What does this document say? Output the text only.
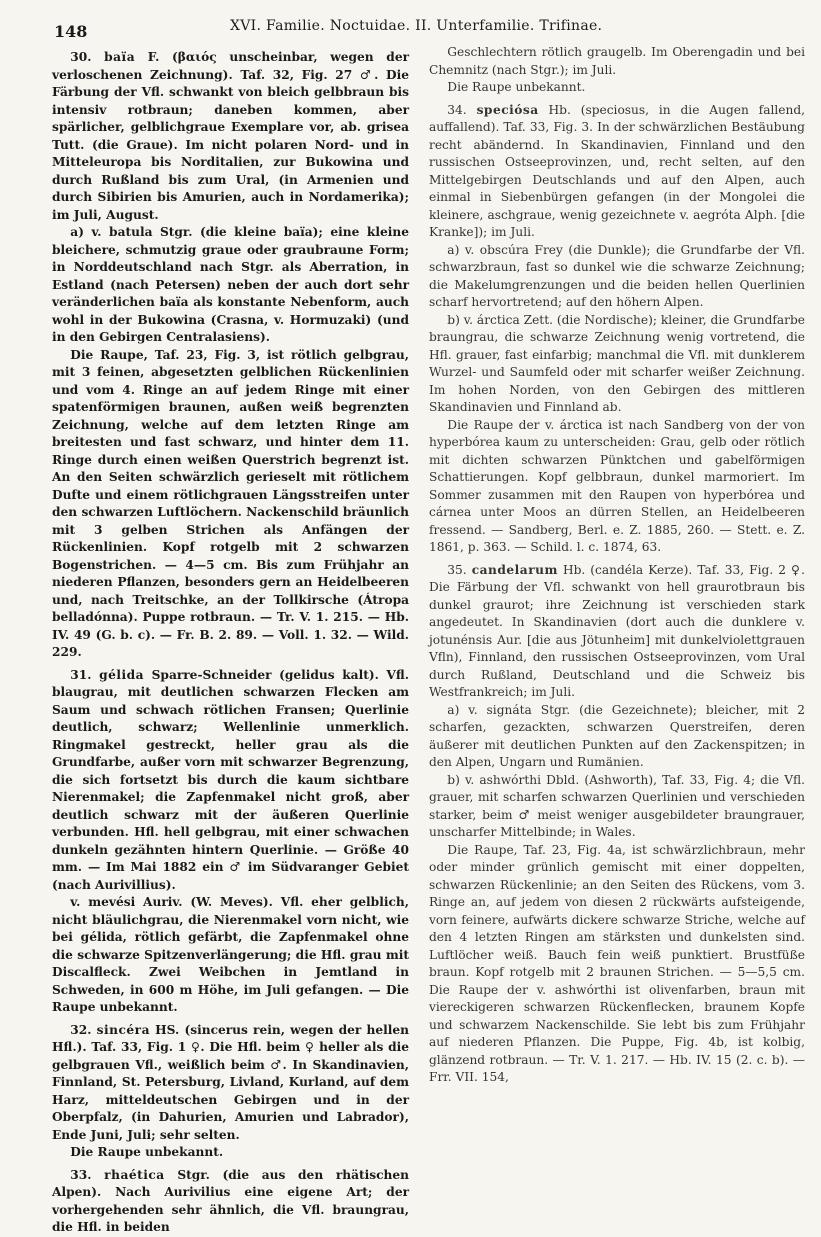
148	XVI. Familie. Noctuidae. II. Unterfamilie. Trifinae.

30. baïa F. (βαιός unscheinbar, wegen der verloschenen Zeichnung). Taf. 32, Fig. 27 ♂. Die Färbung der Vfl. schwankt von bleich gelbbraun bis intensiv rotbraun; daneben kommen, aber spärlicher, gelblichgraue Exemplare vor, ab. grisea Tutt. (die Graue). Im nicht polaren Nord- und in Mitteleuropa bis Norditalien, zur Bukowina und durch Rußland bis zum Ural, (in Armenien und durch Sibirien bis Amurien, auch in Nordamerika); im Juli, August.

a) v. batula Stgr. (die kleine baïa); eine kleine bleichere, schmutzig graue oder graubraune Form; in Norddeutschland nach Stgr. als Aberration, in Estland (nach Petersen) neben der auch dort sehr veränderlichen baïa als konstante Nebenform, auch wohl in der Bukowina (Crasna, v. Hormuzaki) (und in den Gebirgen Centralasiens).

Die Raupe, Taf. 23, Fig. 3, ist rötlich gelbgrau, mit 3 feinen, abgesetzten gelblichen Rückenlinien und vom 4. Ringe an auf jedem Ringe mit einer spatenförmigen braunen, außen weiß begrenzten Zeichnung, welche auf dem letzten Ringe am breitesten und fast schwarz, und hinter dem 11. Ringe durch einen weißen Querstrich begrenzt ist. An den Seiten schwärzlich gerieselt mit rötlichem Dufte und einem rötlichgrauen Längsstreifen unter den schwarzen Luftlöchern. Nackenschild bräunlich mit 3 gelben Strichen als Anfängen der Rückenlinien. Kopf rotgelb mit 2 schwarzen Bogenstrichen. — 4—5 cm. Bis zum Frühjahr an niederen Pflanzen, besonders gern an Heidelbeeren und, nach Treitschke, an der Tollkirsche (Átropa belladónna). Puppe rotbraun. — Tr. V. 1. 215. — Hb. IV. 49 (G. b. c). — Fr. B. 2. 89. — Voll. 1. 32. — Wild. 229.

31. gélida Sparre-Schneider (gelidus kalt). Vfl. blaugrau, mit deutlichen schwarzen Flecken am Saum und schwach rötlichen Fransen; Querlinie deutlich, schwarz; Wellenlinie unmerklich. Ringmakel gestreckt, heller grau als die Grundfarbe, außer vorn mit schwarzer Begrenzung, die sich fortsetzt bis durch die kaum sichtbare Nierenmakel; die Zapfenmakel nicht groß, aber deutlich schwarz mit der äußeren Querlinie verbunden. Hfl. hell gelbgrau, mit einer schwachen dunkeln gezähnten hintern Querlinie. — Größe 40 mm. — Im Mai 1882 ein ♂ im Südvaranger Gebiet (nach Aurivillius).

v. mevési Auriv. (W. Meves). Vfl. eher gelblich, nicht bläulichgrau, die Nierenmakel vorn nicht, wie bei gélida, rötlich gefärbt, die Zapfenmakel ohne die schwarze Spitzenverlängerung; die Hfl. grau mit Discalfleck. Zwei Weibchen in Jemtland in Schweden, in 600 m Höhe, im Juli gefangen. — Die Raupe unbekannt.

32. sincéra HS. (sincerus rein, wegen der hellen Hfl.). Taf. 33, Fig. 1 ♀. Die Hfl. beim ♀ heller als die gelbgrauen Vfl., weißlich beim ♂. In Skandinavien, Finnland, St. Petersburg, Livland, Kurland, auf dem Harz, mitteldeutschen Gebirgen und in der Oberpfalz, (in Dahurien, Amurien und Labrador), Ende Juni, Juli; sehr selten.

Die Raupe unbekannt.

33. rhaética Stgr. (die aus den rhätischen Alpen). Nach Aurivilius eine eigene Art; der vorhergehenden sehr ähnlich, die Vfl. braungrau, die Hfl. in beiden

Geschlechtern rötlich graugelb. Im Oberengadin und bei Chemnitz (nach Stgr.); im Juli.

Die Raupe unbekannt.

34. speciósa Hb. (speciosus, in die Augen fallend, auffallend). Taf. 33, Fig. 3. In der schwärzlichen Bestäubung recht abändernd. In Skandinavien, Finnland und den russischen Ostseeprovinzen, und, recht selten, auf den Mittelgebirgen Deutschlands und auf den Alpen, auch einmal in Siebenbürgen gefangen (in der Mongolei die kleinere, aschgraue, wenig gezeichnete v. aegróta Alph. [die Kranke]); im Juli.

a) v. obscúra Frey (die Dunkle); die Grundfarbe der Vfl. schwarzbraun, fast so dunkel wie die schwarze Zeichnung; die Makelumgrenzungen und die beiden hellen Querlinien scharf hervortretend; auf den höhern Alpen.

b) v. árctica Zett. (die Nordische); kleiner, die Grundfarbe braungrau, die schwarze Zeichnung wenig vortretend, die Hfl. grauer, fast einfarbig; manchmal die Vfl. mit dunklerem Wurzel- und Saumfeld oder mit scharfer weißer Zeichnung. Im hohen Norden, von den Gebirgen des mittleren Skandinavien und Finnland ab.

Die Raupe der v. árctica ist nach Sandberg von der von hyperbórea kaum zu unterscheiden: Grau, gelb oder rötlich mit dichten schwarzen Pünktchen und gabelförmigen Schattierungen. Kopf gelbbraun, dunkel marmoriert. Im Sommer zusammen mit den Raupen von hyperbórea und cárnea unter Moos an dürren Stellen, an Heidelbeeren fressend. — Sandberg, Berl. e. Z. 1885, 260. — Stett. e. Z. 1861, p. 363. — Schild. l. c. 1874, 63.

35. candelarum Hb. (candéla Kerze). Taf. 33, Fig. 2 ♀. Die Färbung der Vfl. schwankt von hell graurotbraun bis dunkel graurot; ihre Zeichnung ist verschieden stark angedeutet. In Skandinavien (dort auch die dunklere v. jotunénsis Aur. [die aus Jötunheim] mit dunkelviolettgrauen Vfln), Finnland, den russischen Ostseeprovinzen, vom Ural durch Rußland, Deutschland und die Schweiz bis Westfrankreich; im Juli.

a) v. signáta Stgr. (die Gezeichnete); bleicher, mit 2 scharfen, gezackten, schwarzen Querstreifen, deren äußerer mit deutlichen Punkten auf den Zackenspitzen; in den Alpen, Ungarn und Rumänien.

b) v. ashwórthi Dbld. (Ashworth), Taf. 33, Fig. 4; die Vfl. grauer, mit scharfen schwarzen Querlinien und verschieden starker, beim ♂ meist weniger ausgebildeter braungrauer, unscharfer Mittelbinde; in Wales.

Die Raupe, Taf. 23, Fig. 4a, ist schwärzlichbraun, mehr oder minder grünlich gemischt mit einer doppelten, schwarzen Rückenlinie; an den Seiten des Rückens, vom 3. Ringe an, auf jedem von diesen 2 rückwärts aufsteigende, vorn feinere, aufwärts dickere schwarze Striche, welche auf den 4 letzten Ringen am stärksten und dunkelsten sind. Luftlöcher weiß. Bauch fein weiß punktiert. Brustfüße braun. Kopf rotgelb mit 2 braunen Strichen. — 5—5,5 cm. Die Raupe der v. ashwórthi ist olivenfarben, braun mit viereckigeren schwarzen Rückenflecken, braunem Kopfe und schwarzem Nackenschilde. Sie lebt bis zum Frühjahr auf niederen Pflanzen. Die Puppe, Fig. 4b, ist kolbig, glänzend rotbraun. — Tr. V. 1. 217. — Hb. IV. 15 (2. c. b). — Frr. VII. 154,
